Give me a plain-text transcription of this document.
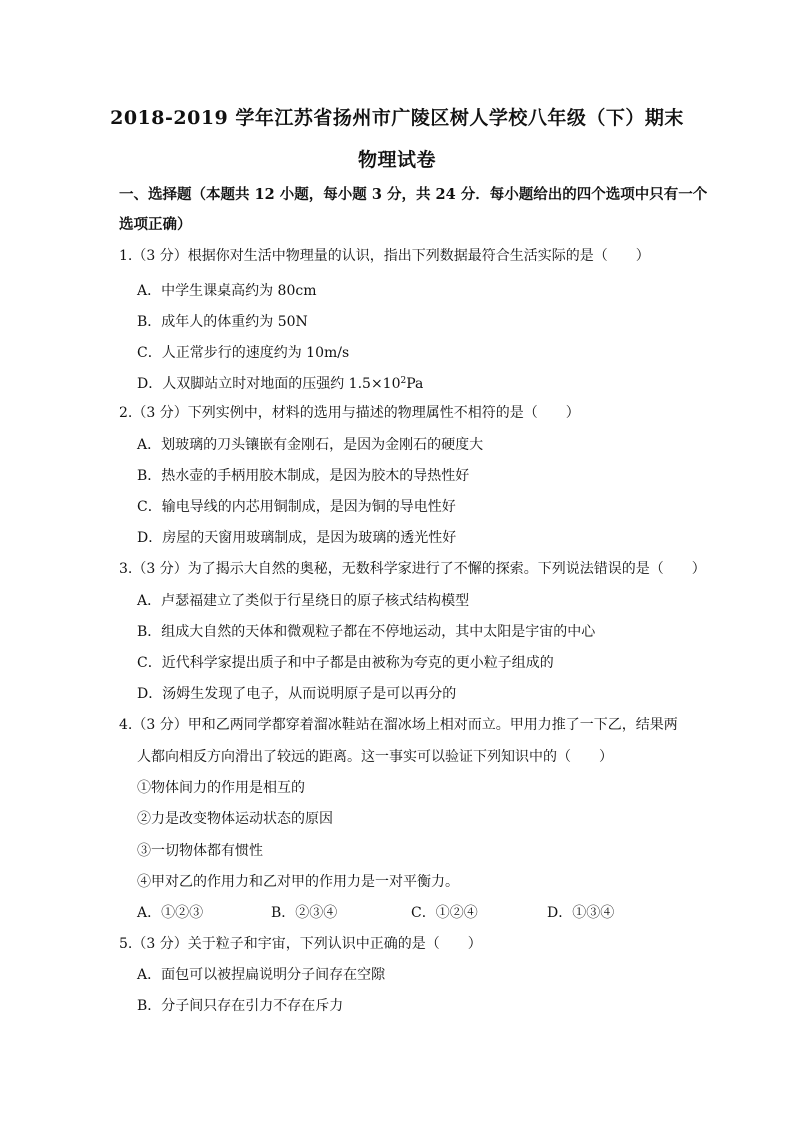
2018-2019 学年江苏省扬州市广陵区树人学校八年级（下）期末
物理试卷
一、选择题（本题共 12 小题，每小题 3 分，共 24 分．每小题给出的四个选项中只有一个
选项正确）
1.（3 分）根据你对生活中物理量的认识，指出下列数据最符合生活实际的是（　　）
A．中学生课桌高约为 80cm
B．成年人的体重约为 50N
C．人正常步行的速度约为 10m/s
D．人双脚站立时对地面的压强约 $1.5\times 10^2Pa$
2.（3 分）下列实例中，材料的选用与描述的物理属性不相符的是（　　）
A．划玻璃的刀头镶嵌有金刚石，是因为金刚石的硬度大
B．热水壶的手柄用胶木制成，是因为胶木的导热性好
C．输电导线的内芯用铜制成，是因为铜的导电性好
D．房屋的天窗用玻璃制成，是因为玻璃的透光性好
3.（3 分）为了揭示大自然的奥秘，无数科学家进行了不懈的探索。下列说法错误的是（　　）
A．卢瑟福建立了类似于行星绕日的原子核式结构模型
B．组成大自然的天体和微观粒子都在不停地运动，其中太阳是宇宙的中心
C．近代科学家提出质子和中子都是由被称为夸克的更小粒子组成的
D．汤姆生发现了电子，从而说明原子是可以再分的
4.（3 分）甲和乙两同学都穿着溜冰鞋站在溜冰场上相对而立。甲用力推了一下乙，结果两
人都向相反方向滑出了较远的距离。这一事实可以验证下列知识中的（　　）
①物体间力的作用是相互的
②力是改变物体运动状态的原因
③一切物体都有惯性
④甲对乙的作用力和乙对甲的作用力是一对平衡力。
A．①②③	B．②③④	C．①②④	D．①③④
5.（3 分）关于粒子和宇宙，下列认识中正确的是（　　）
A．面包可以被捏扁说明分子间存在空隙
B．分子间只存在引力不存在斥力
